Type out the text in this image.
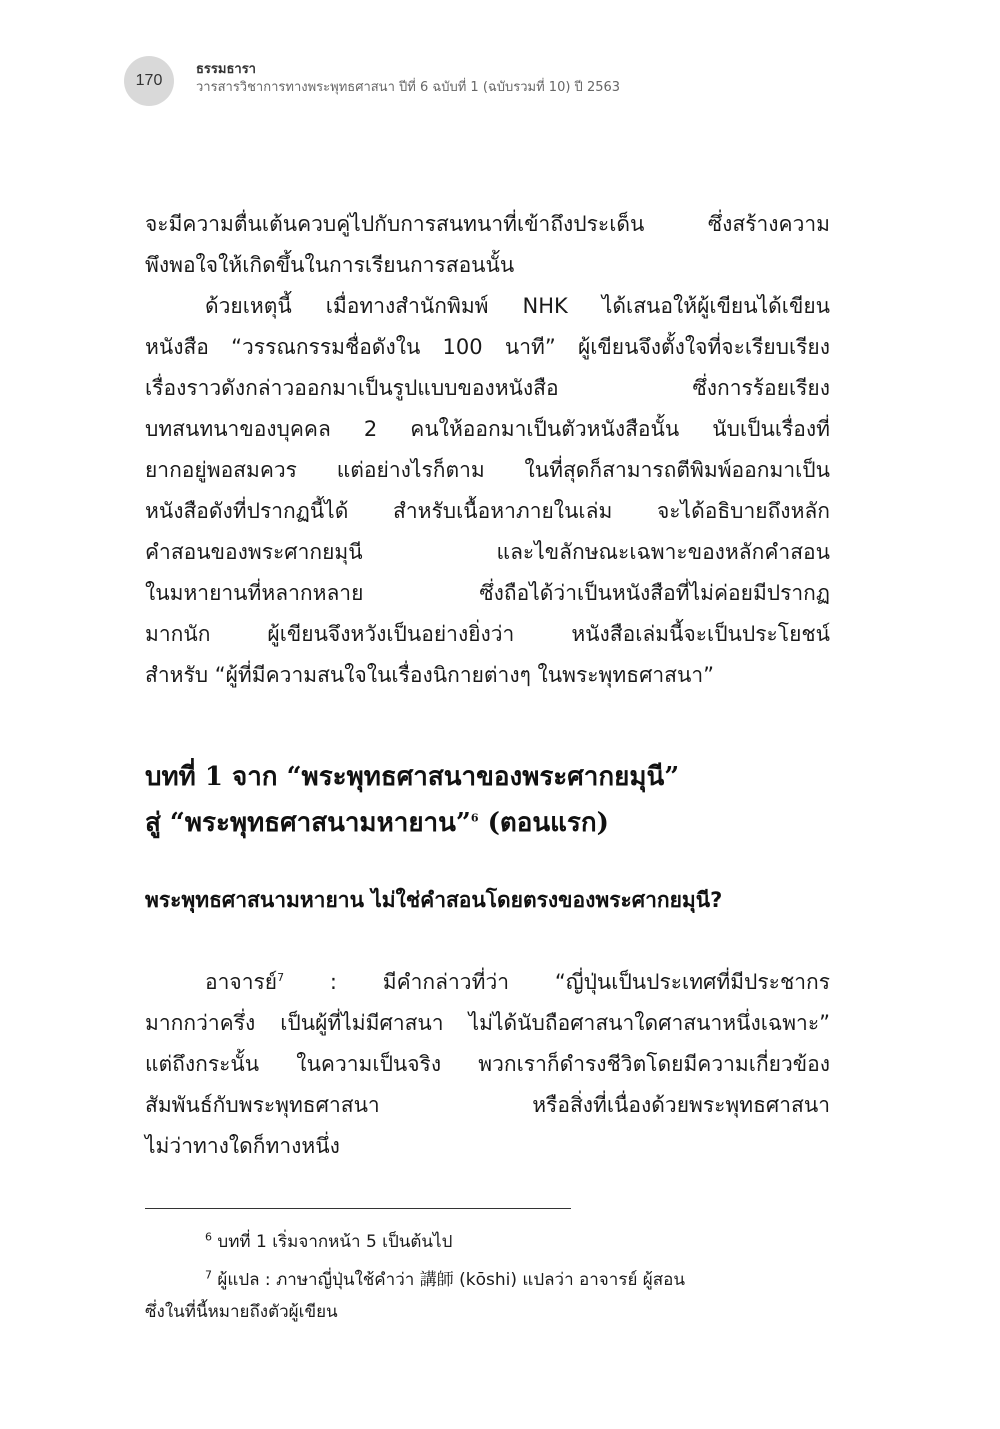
170
ธรรมธารา
วารสารวิชาการทางพระพุทธศาสนา ปีที่ 6 ฉบับที่ 1 (ฉบับรวมที่ 10) ปี 2563
จะมีความตื่นเต้นควบคู่ไปกับการสนทนาที่เข้าถึงประเด็น ซึ่งสร้างความ
พึงพอใจให้เกิดขึ้นในการเรียนการสอนนั้น
ด้วยเหตุนี้ เมื่อทางสำนักพิมพ์ NHK ได้เสนอให้ผู้เขียนได้เขียน
หนังสือ “วรรณกรรมชื่อดังใน 100 นาที” ผู้เขียนจึงตั้งใจที่จะเรียบเรียง
เรื่องราวดังกล่าวออกมาเป็นรูปแบบของหนังสือ ซึ่งการร้อยเรียง
บทสนทนาของบุคคล 2 คนให้ออกมาเป็นตัวหนังสือนั้น นับเป็นเรื่องที่
ยากอยู่พอสมควร แต่อย่างไรก็ตาม ในที่สุดก็สามารถตีพิมพ์ออกมาเป็น
หนังสือดังที่ปรากฏนี้ได้ สำหรับเนื้อหาภายในเล่ม จะได้อธิบายถึงหลัก
คำสอนของพระศากยมุนี และไขลักษณะเฉพาะของหลักคำสอน
ในมหายานที่หลากหลาย ซึ่งถือได้ว่าเป็นหนังสือที่ไม่ค่อยมีปรากฏ
มากนัก ผู้เขียนจึงหวังเป็นอย่างยิ่งว่า หนังสือเล่มนี้จะเป็นประโยชน์
สำหรับ “ผู้ที่มีความสนใจในเรื่องนิกายต่างๆ ในพระพุทธศาสนา”
บทที่ 1 จาก “พระพุทธศาสนาของพระศากยมุนี”
สู่ “พระพุทธศาสนามหายาน”$^6$ (ตอนแรก)
พระพุทธศาสนามหายาน ไม่ใช่คำสอนโดยตรงของพระศากยมุนี?
อาจารย์$^7$ : มีคำกล่าวที่ว่า “ญี่ปุ่นเป็นประเทศที่มีประชากร
มากกว่าครึ่ง เป็นผู้ที่ไม่มีศาสนา ไม่ได้นับถือศาสนาใดศาสนาหนึ่งเฉพาะ”
แต่ถึงกระนั้น ในความเป็นจริง พวกเราก็ดำรงชีวิตโดยมีความเกี่ยวข้อง
สัมพันธ์กับพระพุทธศาสนา หรือสิ่งที่เนื่องด้วยพระพุทธศาสนา
ไม่ว่าทางใดก็ทางหนึ่ง
$^6$ บทที่ 1 เริ่มจากหน้า 5 เป็นต้นไป
$^7$ ผู้แปล : ภาษาญี่ปุ่นใช้คำว่า 講師 (kōshi) แปลว่า อาจารย์ ผู้สอน
ซึ่งในที่นี้หมายถึงตัวผู้เขียน
